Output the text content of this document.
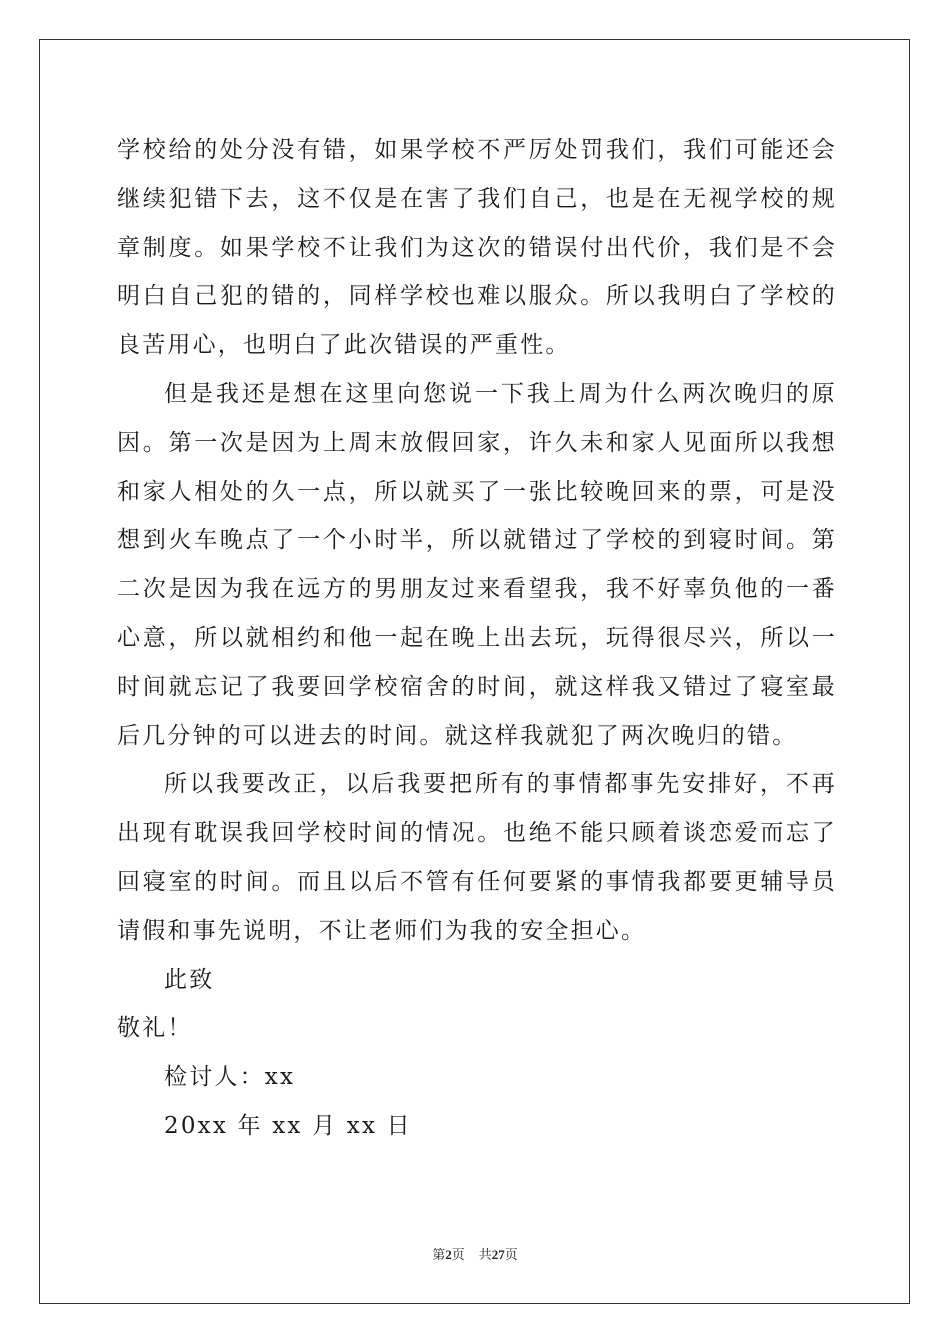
学校给的处分没有错，如果学校不严厉处罚我们，我们可能还会继续犯错下去，这不仅是在害了我们自己，也是在无视学校的规章制度。如果学校不让我们为这次的错误付出代价，我们是不会明白自己犯的错的，同样学校也难以服众。所以我明白了学校的良苦用心，也明白了此次错误的严重性。

但是我还是想在这里向您说一下我上周为什么两次晚归的原因。第一次是因为上周末放假回家，许久未和家人见面所以我想和家人相处的久一点，所以就买了一张比较晚回来的票，可是没想到火车晚点了一个小时半，所以就错过了学校的到寝时间。第二次是因为我在远方的男朋友过来看望我，我不好辜负他的一番心意，所以就相约和他一起在晚上出去玩，玩得很尽兴，所以一时间就忘记了我要回学校宿舍的时间，就这样我又错过了寝室最后几分钟的可以进去的时间。就这样我就犯了两次晚归的错。

所以我要改正，以后我要把所有的事情都事先安排好，不再出现有耽误我回学校时间的情况。也绝不能只顾着谈恋爱而忘了回寝室的时间。而且以后不管有任何要紧的事情我都要更辅导员请假和事先说明，不让老师们为我的安全担心。

此致

敬礼！

检讨人：xx

20xx 年 xx 月 xx 日

第2页 共27页
